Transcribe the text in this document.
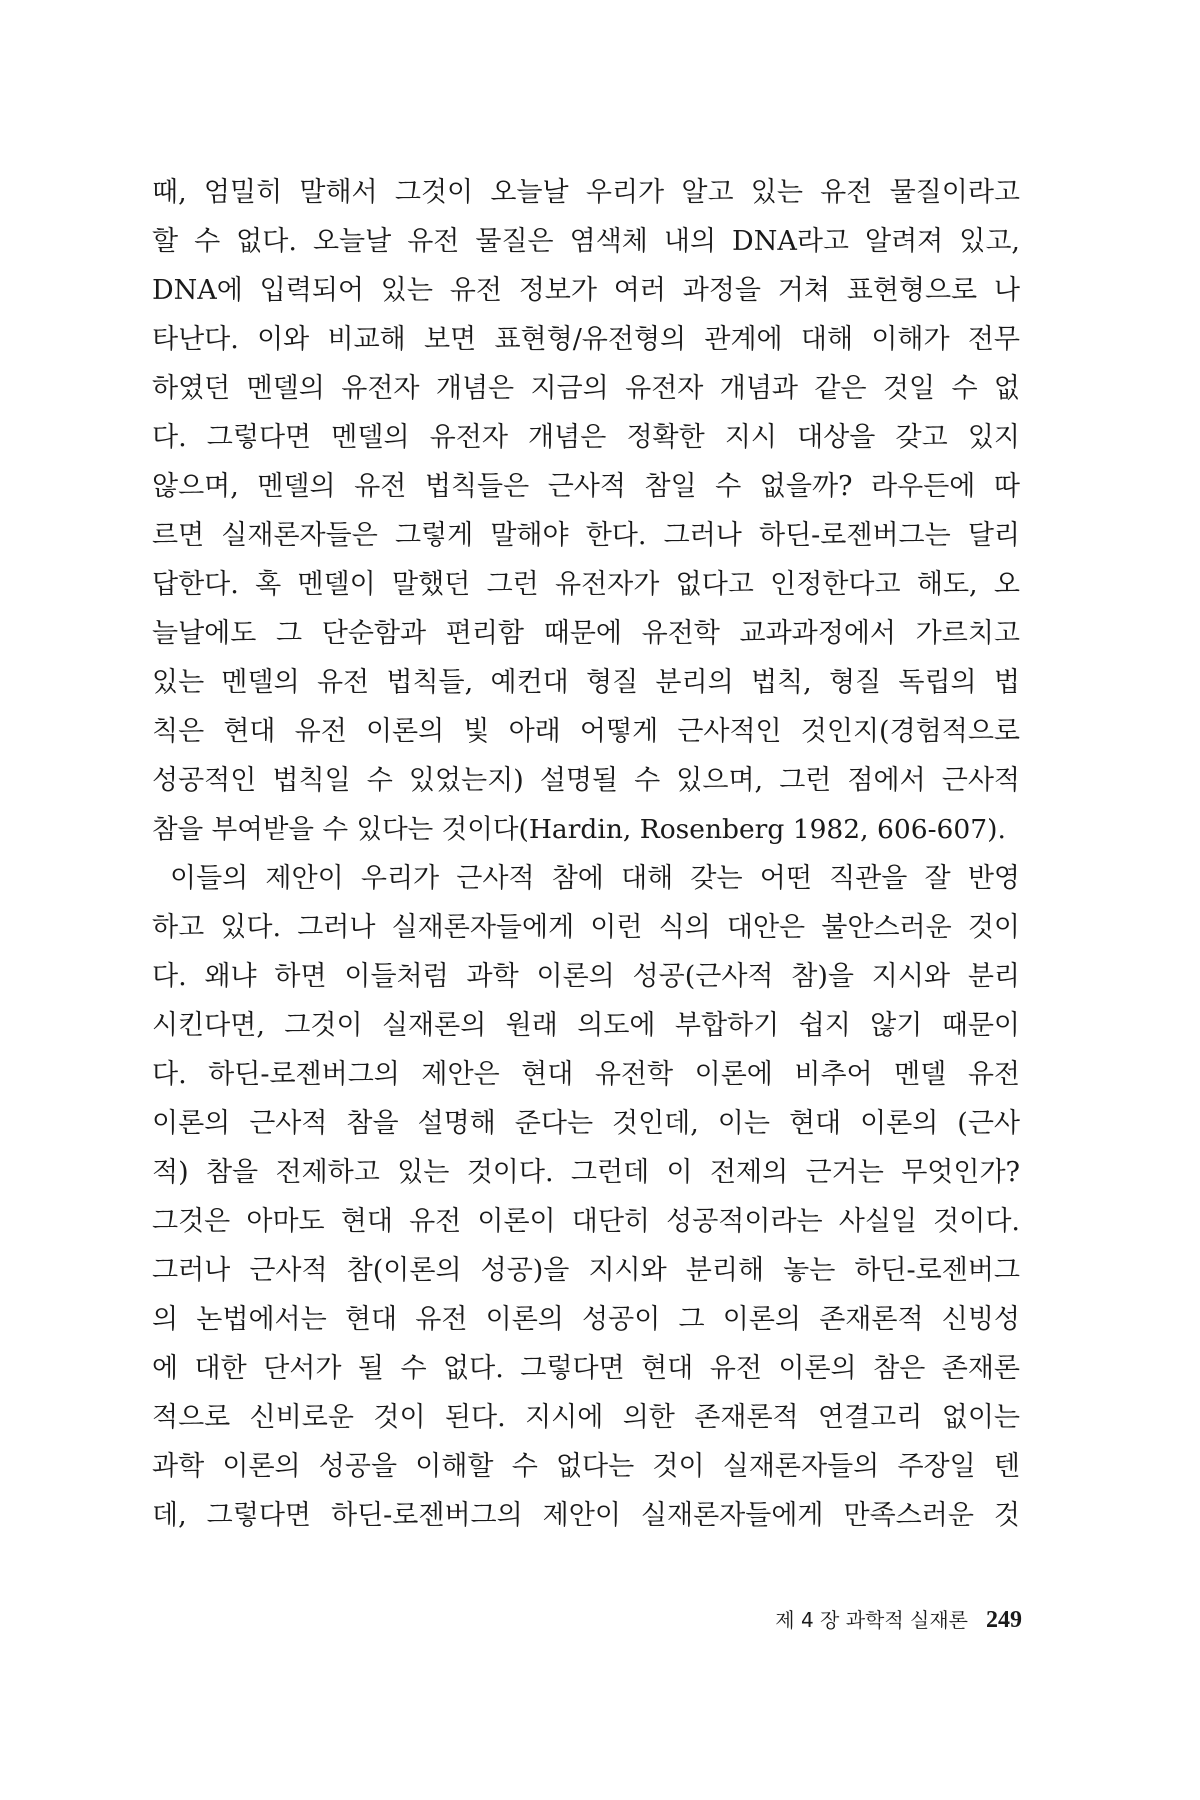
때, 엄밀히 말해서 그것이 오늘날 우리가 알고 있는 유전 물질이라고
할 수 없다. 오늘날 유전 물질은 염색체 내의 DNA라고 알려져 있고,
DNA에 입력되어 있는 유전 정보가 여러 과정을 거쳐 표현형으로 나
타난다. 이와 비교해 보면 표현형/유전형의 관계에 대해 이해가 전무
하였던 멘델의 유전자 개념은 지금의 유전자 개념과 같은 것일 수 없
다. 그렇다면 멘델의 유전자 개념은 정확한 지시 대상을 갖고 있지
않으며, 멘델의 유전 법칙들은 근사적 참일 수 없을까? 라우든에 따
르면 실재론자들은 그렇게 말해야 한다. 그러나 하딘-로젠버그는 달리
답한다. 혹 멘델이 말했던 그런 유전자가 없다고 인정한다고 해도, 오
늘날에도 그 단순함과 편리함 때문에 유전학 교과과정에서 가르치고
있는 멘델의 유전 법칙들, 예컨대 형질 분리의 법칙, 형질 독립의 법
칙은 현대 유전 이론의 빛 아래 어떻게 근사적인 것인지(경험적으로
성공적인 법칙일 수 있었는지) 설명될 수 있으며, 그런 점에서 근사적
참을 부여받을 수 있다는 것이다(Hardin, Rosenberg 1982, 606-607).
이들의 제안이 우리가 근사적 참에 대해 갖는 어떤 직관을 잘 반영
하고 있다. 그러나 실재론자들에게 이런 식의 대안은 불안스러운 것이
다. 왜냐 하면 이들처럼 과학 이론의 성공(근사적 참)을 지시와 분리
시킨다면, 그것이 실재론의 원래 의도에 부합하기 쉽지 않기 때문이
다. 하딘-로젠버그의 제안은 현대 유전학 이론에 비추어 멘델 유전
이론의 근사적 참을 설명해 준다는 것인데, 이는 현대 이론의 (근사
적) 참을 전제하고 있는 것이다. 그런데 이 전제의 근거는 무엇인가?
그것은 아마도 현대 유전 이론이 대단히 성공적이라는 사실일 것이다.
그러나 근사적 참(이론의 성공)을 지시와 분리해 놓는 하딘-로젠버그
의 논법에서는 현대 유전 이론의 성공이 그 이론의 존재론적 신빙성
에 대한 단서가 될 수 없다. 그렇다면 현대 유전 이론의 참은 존재론
적으로 신비로운 것이 된다. 지시에 의한 존재론적 연결고리 없이는
과학 이론의 성공을 이해할 수 없다는 것이 실재론자들의 주장일 텐
데, 그렇다면 하딘-로젠버그의 제안이 실재론자들에게 만족스러운 것
제 4 장 과학적 실재론 249
